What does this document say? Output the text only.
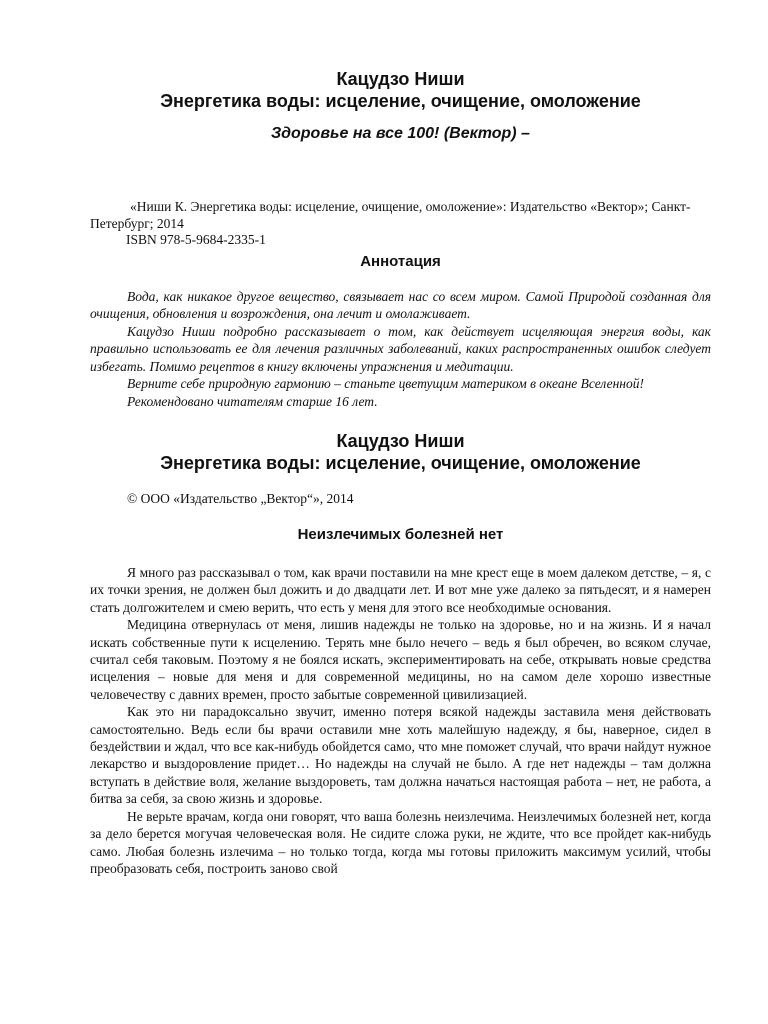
Кацудзо Ниши
Энергетика воды: исцеление, очищение, омоложение
Здоровье на все 100! (Вектор) –

«Ниши К. Энергетика воды: исцеление, очищение, омоложение»: Издательство «Вектор»; Санкт-Петербург; 2014

ISBN 978-5-9684-2335-1

Аннотация

Вода, как никакое другое вещество, связывает нас со всем миром. Самой Природой созданная для очищения, обновления и возрождения, она лечит и омолаживает.

Кацудзо Ниши подробно рассказывает о том, как действует исцеляющая энергия воды, как правильно использовать ее для лечения различных заболеваний, каких распространенных ошибок следует избегать. Помимо рецептов в книгу включены упражнения и медитации.

Верните себе природную гармонию – станьте цветущим материком в океане Вселенной!

Рекомендовано читателям старше 16 лет.

Кацудзо Ниши
Энергетика воды: исцеление, очищение, омоложение

© ООО «Издательство „Вектор“», 2014

Неизлечимых болезней нет

Я много раз рассказывал о том, как врачи поставили на мне крест еще в моем далеком детстве, – я, с их точки зрения, не должен был дожить и до двадцати лет. И вот мне уже далеко за пятьдесят, и я намерен стать долгожителем и смею верить, что есть у меня для этого все необходимые основания.

Медицина отвернулась от меня, лишив надежды не только на здоровье, но и на жизнь. И я начал искать собственные пути к исцелению. Терять мне было нечего – ведь я был обречен, во всяком случае, считал себя таковым. Поэтому я не боялся искать, экспериментировать на себе, открывать новые средства исцеления – новые для меня и для современной медицины, но на самом деле хорошо известные человечеству с давних времен, просто забытые современной цивилизацией.

Как это ни парадоксально звучит, именно потеря всякой надежды заставила меня действовать самостоятельно. Ведь если бы врачи оставили мне хоть малейшую надежду, я бы, наверное, сидел в бездействии и ждал, что все как-нибудь обойдется само, что мне поможет случай, что врачи найдут нужное лекарство и выздоровление придет… Но надежды на случай не было. А где нет надежды – там должна вступать в действие воля, желание выздороветь, там должна начаться настоящая работа – нет, не работа, а битва за себя, за свою жизнь и здоровье.

Не верьте врачам, когда они говорят, что ваша болезнь неизлечима. Неизлечимых болезней нет, когда за дело берется могучая человеческая воля. Не сидите сложа руки, не ждите, что все пройдет как-нибудь само. Любая болезнь излечима – но только тогда, когда мы готовы приложить максимум усилий, чтобы преобразовать себя, построить заново свой
